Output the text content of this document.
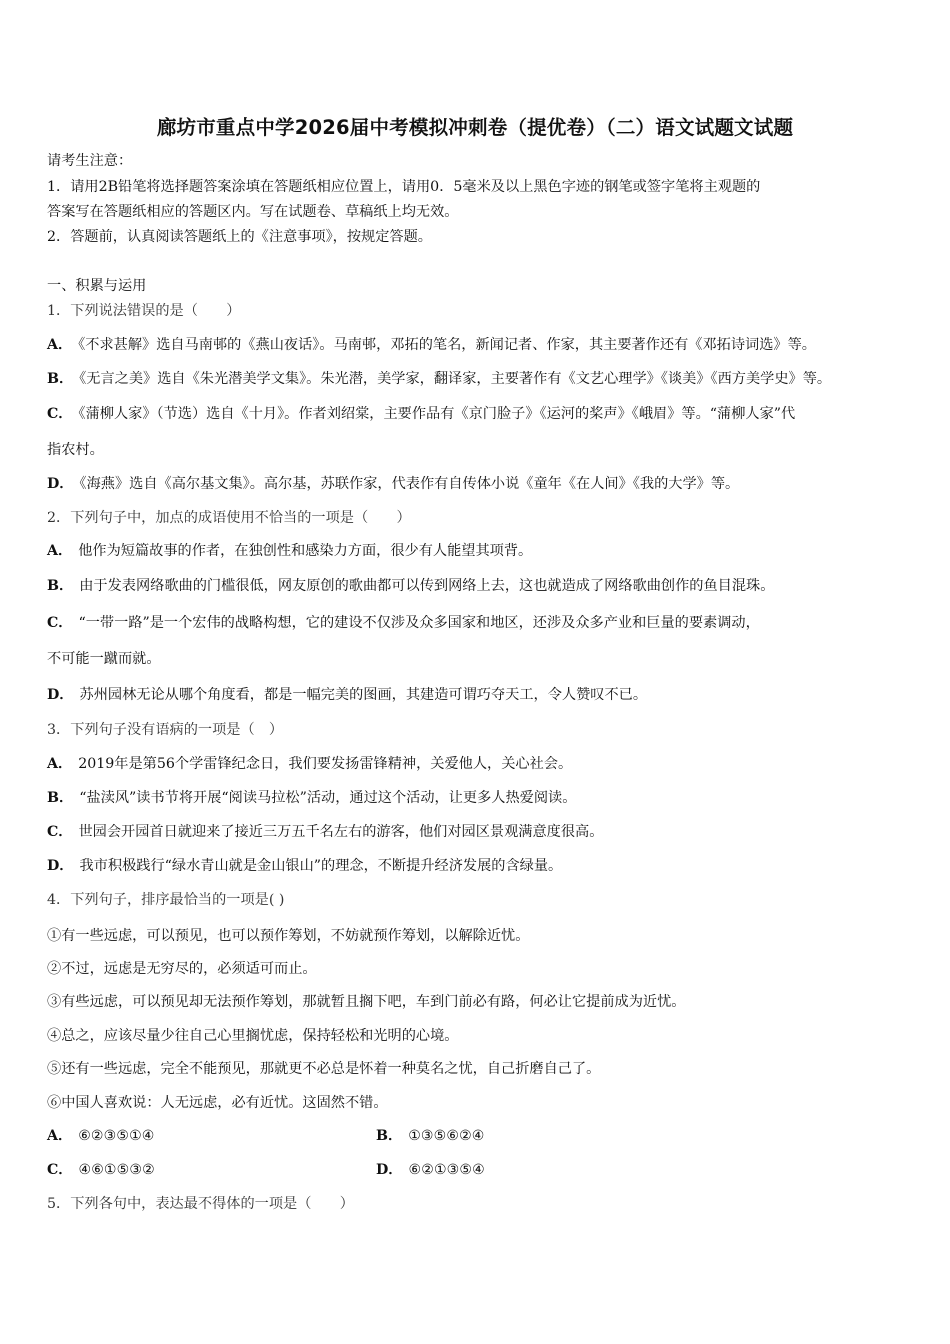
廊坊市重点中学2026届中考模拟冲刺卷（提优卷）（二）语文试题文试题
请考生注意：
1．请用2B铅笔将选择题答案涂填在答题纸相应位置上，请用0．5毫米及以上黑色字迹的钢笔或签字笔将主观题的
答案写在答题纸相应的答题区内。写在试题卷、草稿纸上均无效。
2．答题前，认真阅读答题纸上的《注意事项》，按规定答题。
一、积累与运用
1．下列说法错误的是（　　）
A． 《不求甚解》选自马南邨的《燕山夜话》。马南邨，邓拓的笔名，新闻记者、作家，其主要著作还有《邓拓诗词选》等。
B． 《无言之美》选自《朱光潜美学文集》。朱光潜，美学家，翻译家，主要著作有《文艺心理学》《谈美》《西方美学史》等。
C． 《蒲柳人家》（节选）选自《十月》。作者刘绍棠，主要作品有《京门脸子》《运河的桨声》《峨眉》等。“蒲柳人家”代
指农村。
D． 《海燕》选自《高尔基文集》。高尔基，苏联作家，代表作有自传体小说《童年《在人间》《我的大学》等。
2．下列句子中，加点的成语使用不恰当的一项是（　　）
A． 他作为短篇故事的作者，在独创性和感染力方面，很少有人能望其项背。
B． 由于发表网络歌曲的门槛很低，网友原创的歌曲都可以传到网络上去，这也就造成了网络歌曲创作的鱼目混珠。
C． “一带一路”是一个宏伟的战略构想，它的建设不仅涉及众多国家和地区，还涉及众多产业和巨量的要素调动，
不可能一蹴而就。
D． 苏州园林无论从哪个角度看，都是一幅完美的图画，其建造可谓巧夺天工，令人赞叹不已。
3．下列句子没有语病的一项是（　）
A． 2019年是第56个学雷锋纪念日，我们要发扬雷锋精神，关爱他人，关心社会。
B． “盐渎风”读书节将开展“阅读马拉松”活动，通过这个活动，让更多人热爱阅读。
C． 世园会开园首日就迎来了接近三万五千名左右的游客，他们对园区景观满意度很高。
D． 我市积极践行“绿水青山就是金山银山”的理念，不断提升经济发展的含绿量。
4．下列句子，排序最恰当的一项是( )
①有一些远虑，可以预见，也可以预作筹划，不妨就预作筹划，以解除近忧。
②不过，远虑是无穷尽的，必须适可而止。
③有些远虑，可以预见却无法预作筹划，那就暂且搁下吧，车到门前必有路，何必让它提前成为近忧。
④总之，应该尽量少往自己心里搁忧虑，保持轻松和光明的心境。
⑤还有一些远虑，完全不能预见，那就更不必总是怀着一种莫名之忧，自己折磨自己了。
⑥中国人喜欢说：人无远虑，必有近忧。这固然不错。
A． ⑥②③⑤①④	B． ①③⑤⑥②④
C． ④⑥①⑤③②	D． ⑥②①③⑤④
5．下列各句中，表达最不得体的一项是（　　）
